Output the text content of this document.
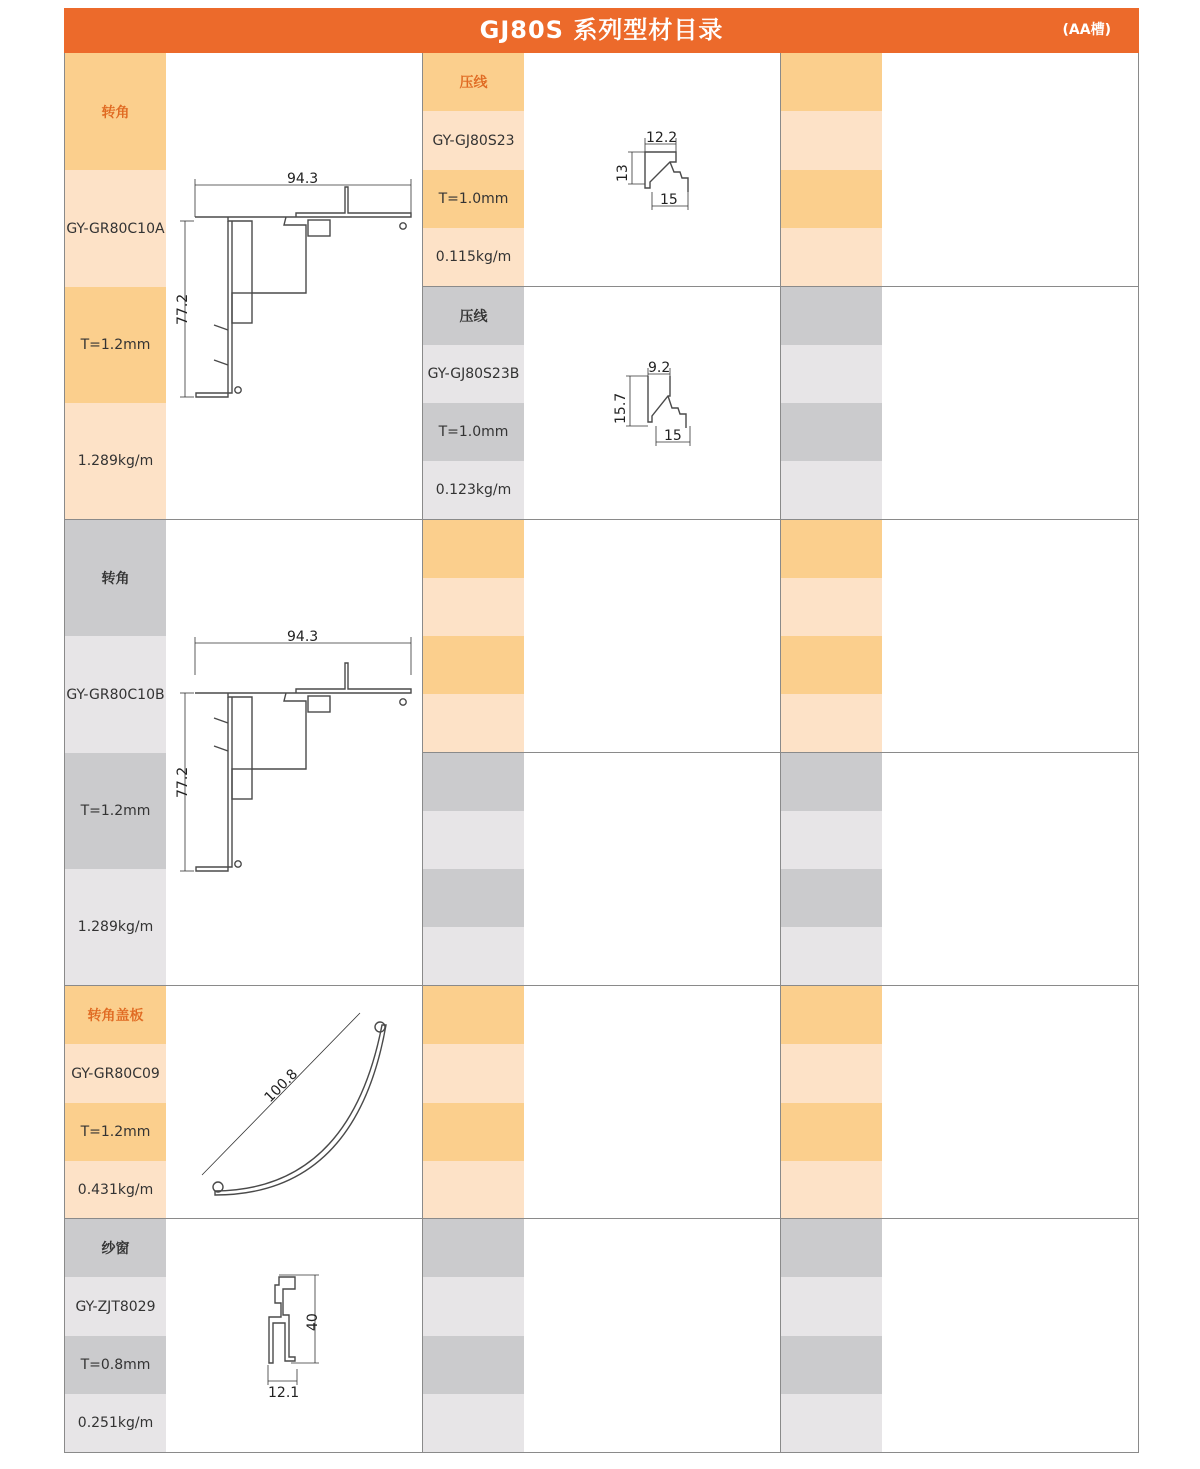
GJ80S 系列型材目录	(AA槽)
转角
GY-GR80C10A
T=1.2mm
1.289kg/m
压线
GY-GJ80S23
T=1.0mm
0.115kg/m
压线
GY-GJ80S23B
T=1.0mm
0.123kg/m
转角
GY-GR80C10B
T=1.2mm
1.289kg/m
转角盖板
GY-GR80C09
T=1.2mm
0.431kg/m
纱窗
GY-ZJT8029
T=0.8mm
0.251kg/m
94.3
77.2
94.3
77.2
12.2
13
15
9.2
15.7
15
100.8
40
12.1
